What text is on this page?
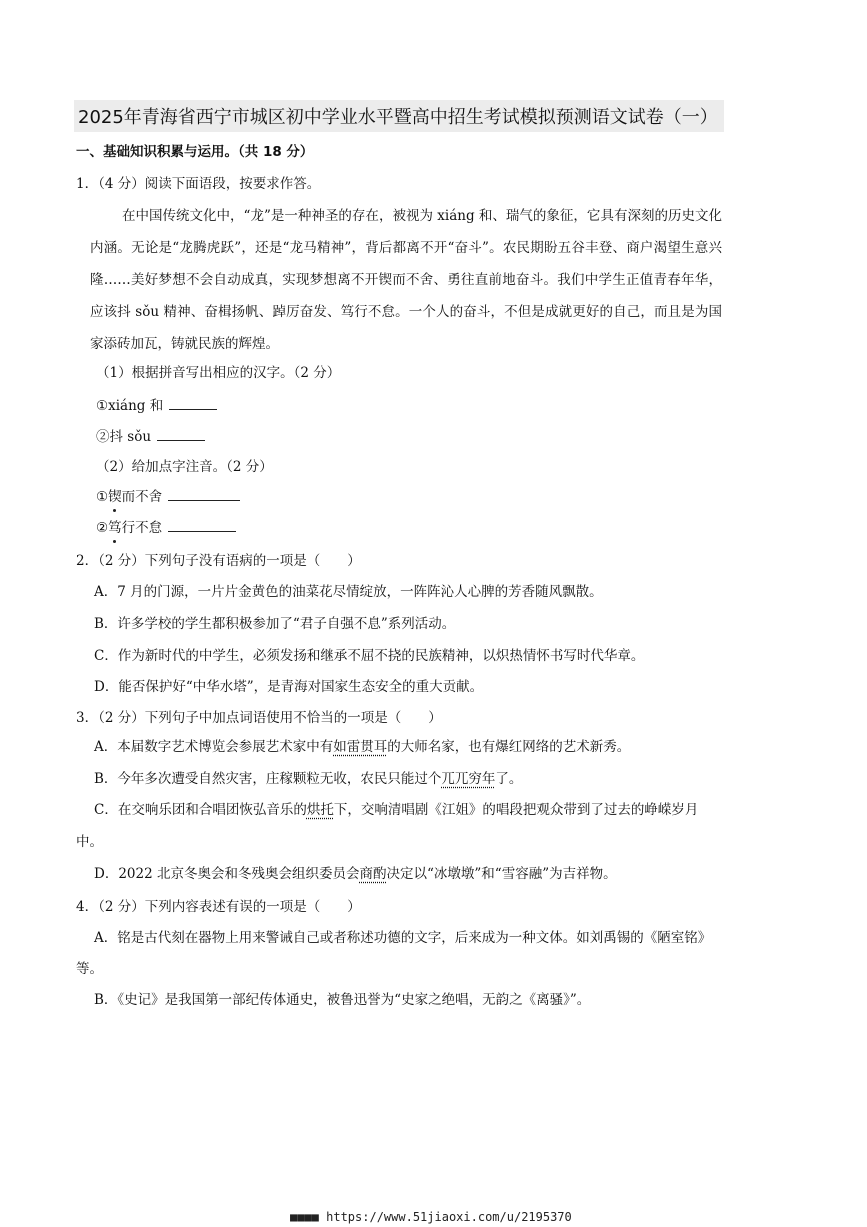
2025年青海省西宁市城区初中学业水平暨高中招生考试模拟预测语文试卷（一）
一、基础知识积累与运用。（共 18 分）
1．（4 分）阅读下面语段，按要求作答。
在中国传统文化中，“龙”是一种神圣的存在，被视为 xiáng 和、瑞气的象征，它具有深刻的历史文化内涵。无论是“龙腾虎跃”，还是“龙马精神”，背后都离不开“奋斗”。农民期盼五谷丰登、商户渴望生意兴隆……美好梦想不会自动成真，实现梦想离不开锲而不舍、勇往直前地奋斗。我们中学生正值青春年华，应该抖 sǒu 精神、奋楫扬帆、踔厉奋发、笃行不怠。一个人的奋斗，不但是成就更好的自己，而且是为国家添砖加瓦，铸就民族的辉煌。
（1）根据拼音写出相应的汉字。（2 分）
①xiáng 和
②抖 sǒu
（2）给加点字注音。（2 分）
①锲而不舍
②笃行不怠
2．（2 分）下列句子没有语病的一项是（　　）
A．7 月的门源，一片片金黄色的油菜花尽情绽放，一阵阵沁人心脾的芳香随风飘散。
B．许多学校的学生都积极参加了“君子自强不息”系列活动。
C．作为新时代的中学生，必须发扬和继承不屈不挠的民族精神，以炽热情怀书写时代华章。
D．能否保护好“中华水塔”，是青海对国家生态安全的重大贡献。
3．（2 分）下列句子中加点词语使用不恰当的一项是（　　）
A．本届数字艺术博览会参展艺术家中有如雷贯耳的大师名家，也有爆红网络的艺术新秀。
B．今年多次遭受自然灾害，庄稼颗粒无收，农民只能过个兀兀穷年了。
C．在交响乐团和合唱团恢弘音乐的烘托下，交响清唱剧《江姐》的唱段把观众带到了过去的峥嵘岁月
中。
D．2022 北京冬奥会和冬残奥会组织委员会商酌决定以“冰墩墩”和“雪容融”为吉祥物。
4．（2 分）下列内容表述有误的一项是（　　）
A．铭是古代刻在器物上用来警诫自己或者称述功德的文字，后来成为一种文体。如刘禹锡的《陋室铭》
等。
B．《史记》是我国第一部纪传体通史，被鲁迅誉为“史家之绝唱，无韵之《离骚》”。
■■■■ https://www.51jiaoxi.com/u/2195370
